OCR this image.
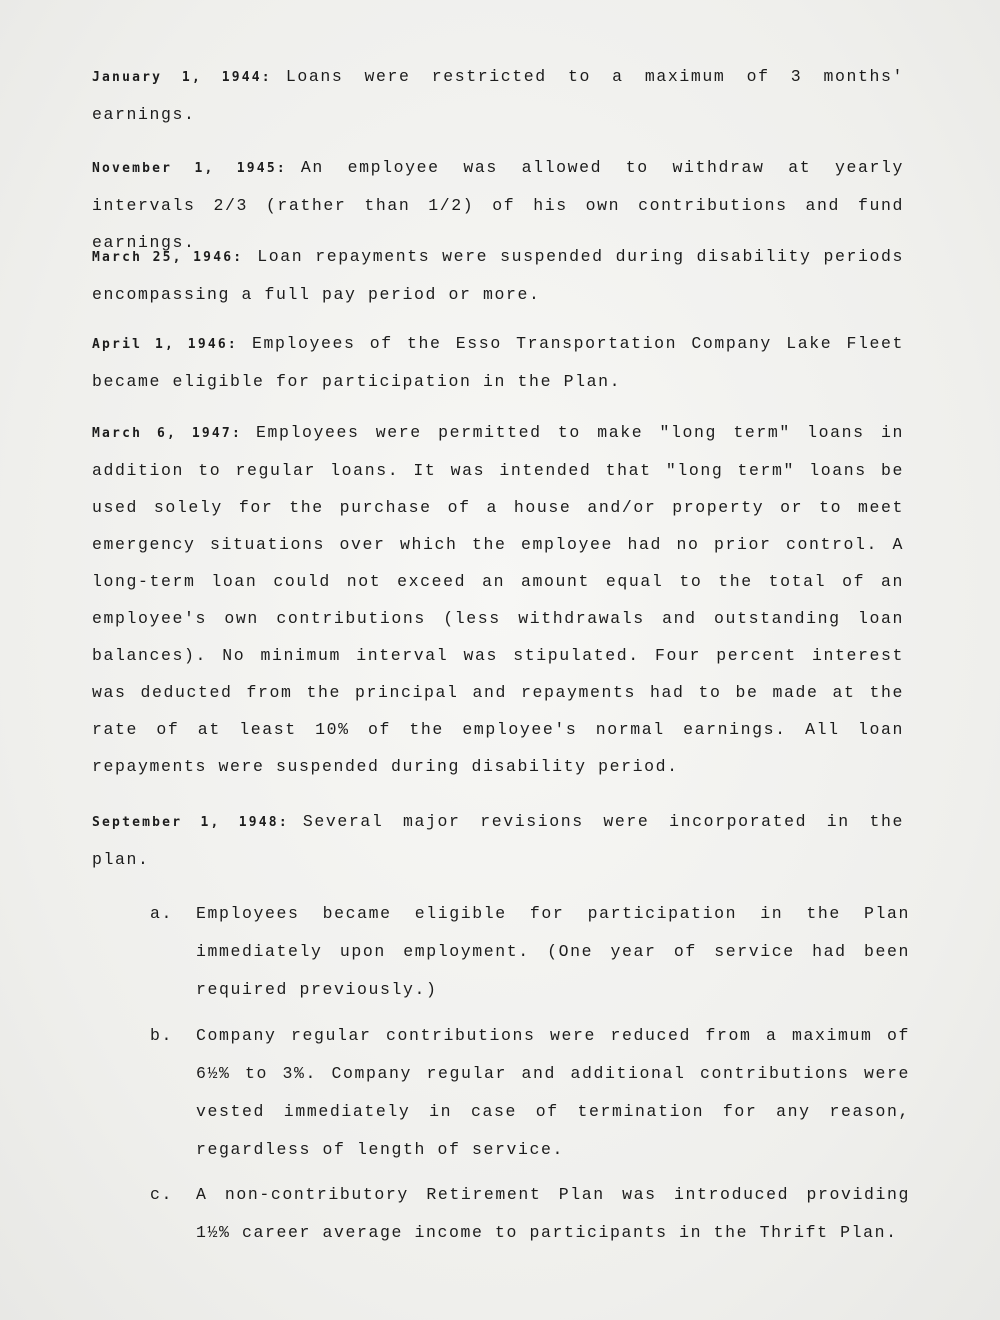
January 1, 1944: Loans were restricted to a maximum of 3 months' earnings.
November 1, 1945: An employee was allowed to withdraw at yearly intervals 2/3 (rather than 1/2) of his own contributions and fund earnings.
March 25, 1946: Loan repayments were suspended during disability periods encompassing a full pay period or more.
April 1, 1946: Employees of the Esso Transportation Company Lake Fleet became eligible for participation in the Plan.
March 6, 1947: Employees were permitted to make "long term" loans in addition to regular loans. It was intended that "long term" loans be used solely for the purchase of a house and/or property or to meet emergency situations over which the employee had no prior control. A long-term loan could not exceed an amount equal to the total of an employee's own contributions (less withdrawals and outstanding loan balances). No minimum interval was stipulated. Four percent interest was deducted from the principal and repayments had to be made at the rate of at least 10% of the employee's normal earnings. All loan repayments were suspended during disability period.
September 1, 1948: Several major revisions were incorporated in the plan.
a.	Employees became eligible for participation in the Plan immediately upon employment. (One year of service had been required previously.)
b.	Company regular contributions were reduced from a maximum of 6½% to 3%. Company regular and additional contributions were vested immediately in case of termination for any reason, regardless of length of service.
c.	A non-contributory Retirement Plan was introduced providing 1½% career average income to participants in the Thrift Plan.
